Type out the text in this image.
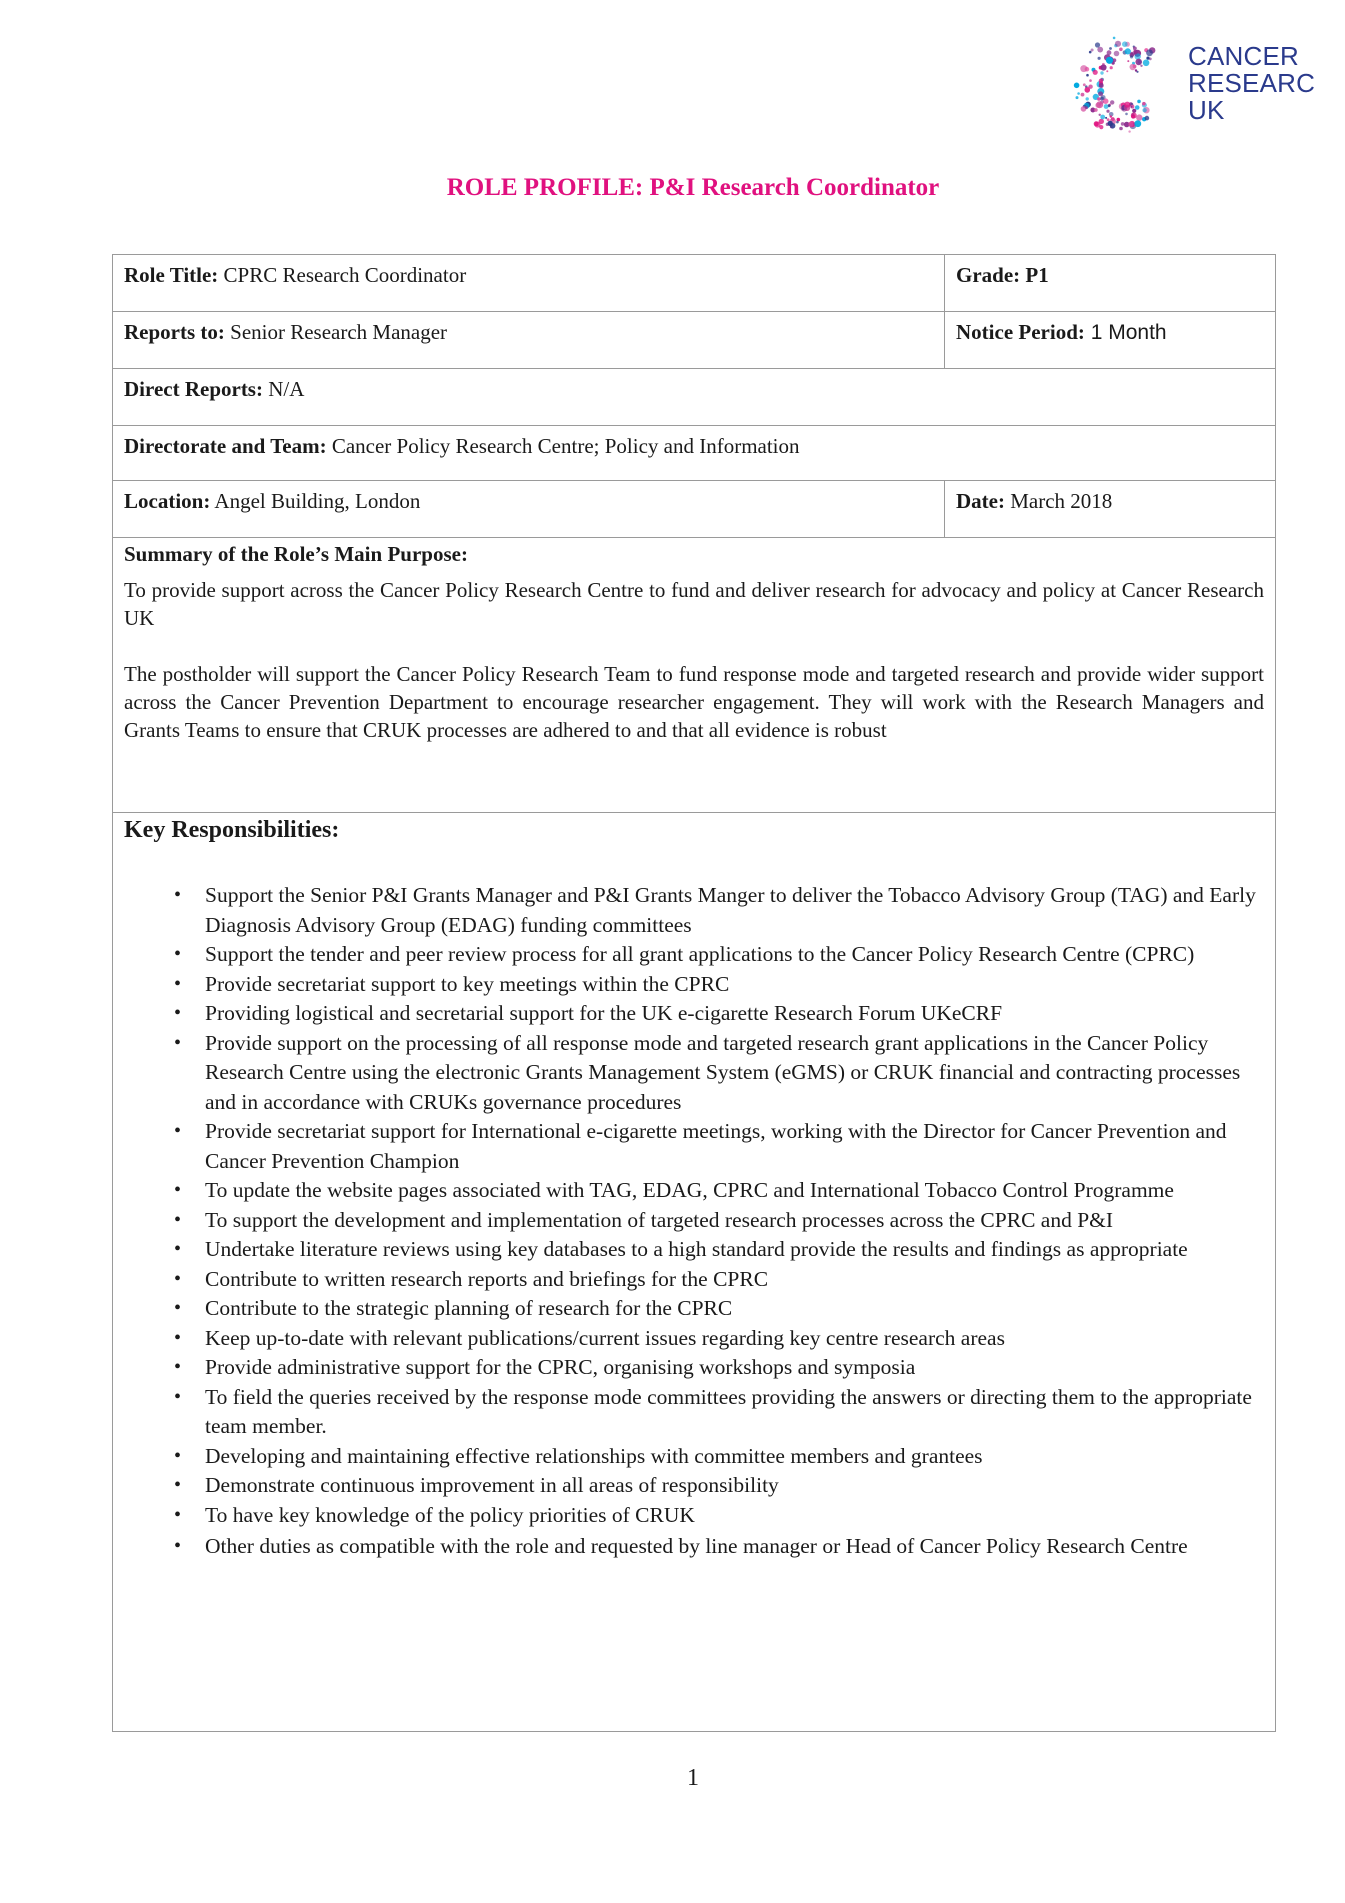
CANCER
RESEARC
UK
ROLE PROFILE: P&I Research Coordinator
Role Title: CPRC Research Coordinator	Grade: P1
Reports to: Senior Research Manager	Notice Period: 1 Month
Direct Reports: N/A
Directorate and Team: Cancer Policy Research Centre; Policy and Information
Location: Angel Building, London	Date: March 2018
Summary of the Role’s Main Purpose:

To provide support across the Cancer Policy Research Centre to fund and deliver research for advocacy and policy at Cancer Research UK

The postholder will support the Cancer Policy Research Team to fund response mode and targeted research and provide wider support across the Cancer Prevention Department to encourage researcher engagement. They will work with the Research Managers and Grants Teams to ensure that CRUK processes are adhered to and that all evidence is robust

Key Responsibilities:
• Support the Senior P&I Grants Manager and P&I Grants Manger to deliver the Tobacco Advisory Group (TAG) and Early Diagnosis Advisory Group (EDAG) funding committees
• Support the tender and peer review process for all grant applications to the Cancer Policy Research Centre (CPRC)
• Provide secretariat support to key meetings within the CPRC
• Providing logistical and secretarial support for the UK e-cigarette Research Forum UKeCRF
• Provide support on the processing of all response mode and targeted research grant applications in the Cancer Policy Research Centre using the electronic Grants Management System (eGMS) or CRUK financial and contracting processes and in accordance with CRUKs governance procedures
• Provide secretariat support for International e-cigarette meetings, working with the Director for Cancer Prevention and Cancer Prevention Champion
• To update the website pages associated with TAG, EDAG, CPRC and International Tobacco Control Programme
• To support the development and implementation of targeted research processes across the CPRC and P&I
• Undertake literature reviews using key databases to a high standard provide the results and findings as appropriate
• Contribute to written research reports and briefings for the CPRC
• Contribute to the strategic planning of research for the CPRC
• Keep up-to-date with relevant publications/current issues regarding key centre research areas
• Provide administrative support for the CPRC, organising workshops and symposia
• To field the queries received by the response mode committees providing the answers or directing them to the appropriate team member.
• Developing and maintaining effective relationships with committee members and grantees
• Demonstrate continuous improvement in all areas of responsibility
• To have key knowledge of the policy priorities of CRUK
• Other duties as compatible with the role and requested by line manager or Head of Cancer Policy Research Centre
1
